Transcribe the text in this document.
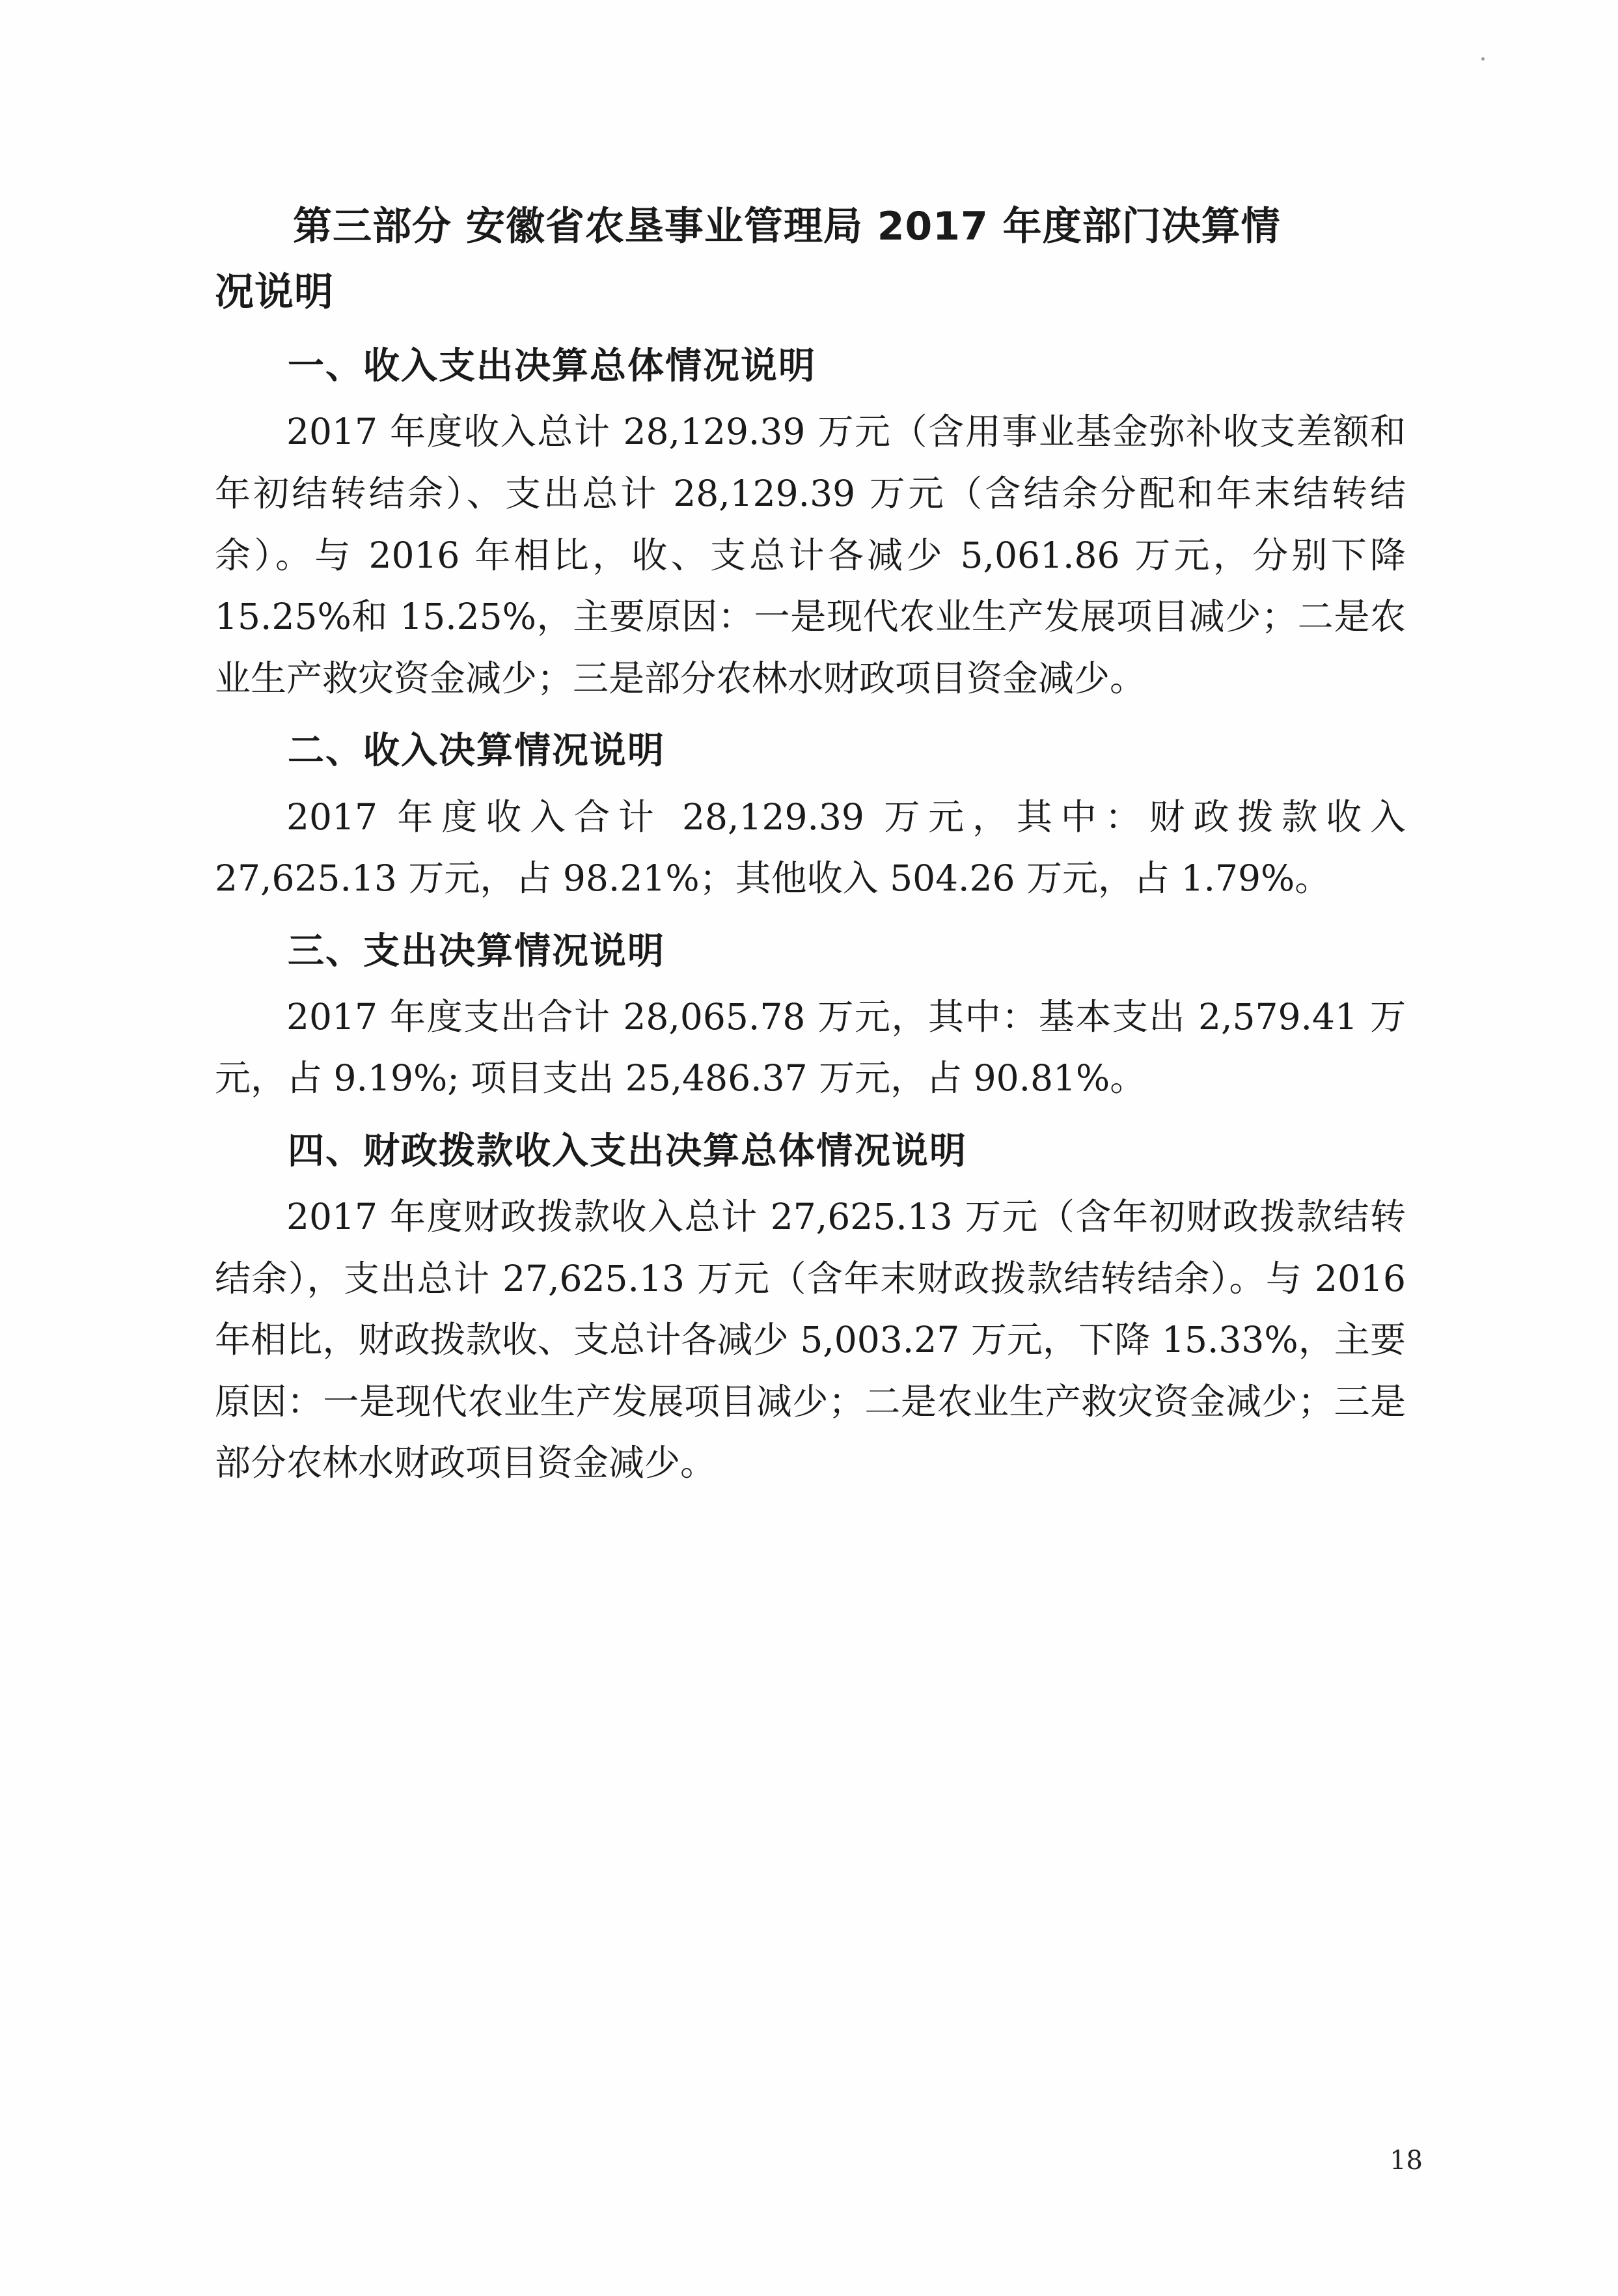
第三部分 安徽省农垦事业管理局 2017 年度部门决算情
况说明
一、收入支出决算总体情况说明

2017 年度收入总计 28,129.39 万元（含用事业基金弥补收支差额和年初结转结余）、支出总计 28,129.39 万元（含结余分配和年末结转结余）。与 2016 年相比，收、支总计各减少 5,061.86 万元，分别下降 15.25%和 15.25%，主要原因：一是现代农业生产发展项目减少；二是农业生产救灾资金减少；三是部分农林水财政项目资金减少。

二、收入决算情况说明

2017 年度收入合计 28,129.39 万元，其中：财政拨款收入 27,625.13 万元，占 98.21%；其他收入 504.26 万元，占 1.79%。

三、支出决算情况说明

2017 年度支出合计 28,065.78 万元，其中：基本支出 2,579.41 万元，占 9.19%; 项目支出 25,486.37 万元，占 90.81%。

四、财政拨款收入支出决算总体情况说明

2017 年度财政拨款收入总计 27,625.13 万元（含年初财政拨款结转结余），支出总计 27,625.13 万元（含年末财政拨款结转结余）。与 2016 年相比，财政拨款收、支总计各减少 5,003.27 万元，下降 15.33%，主要原因：一是现代农业生产发展项目减少；二是农业生产救灾资金减少；三是部分农林水财政项目资金减少。

18
